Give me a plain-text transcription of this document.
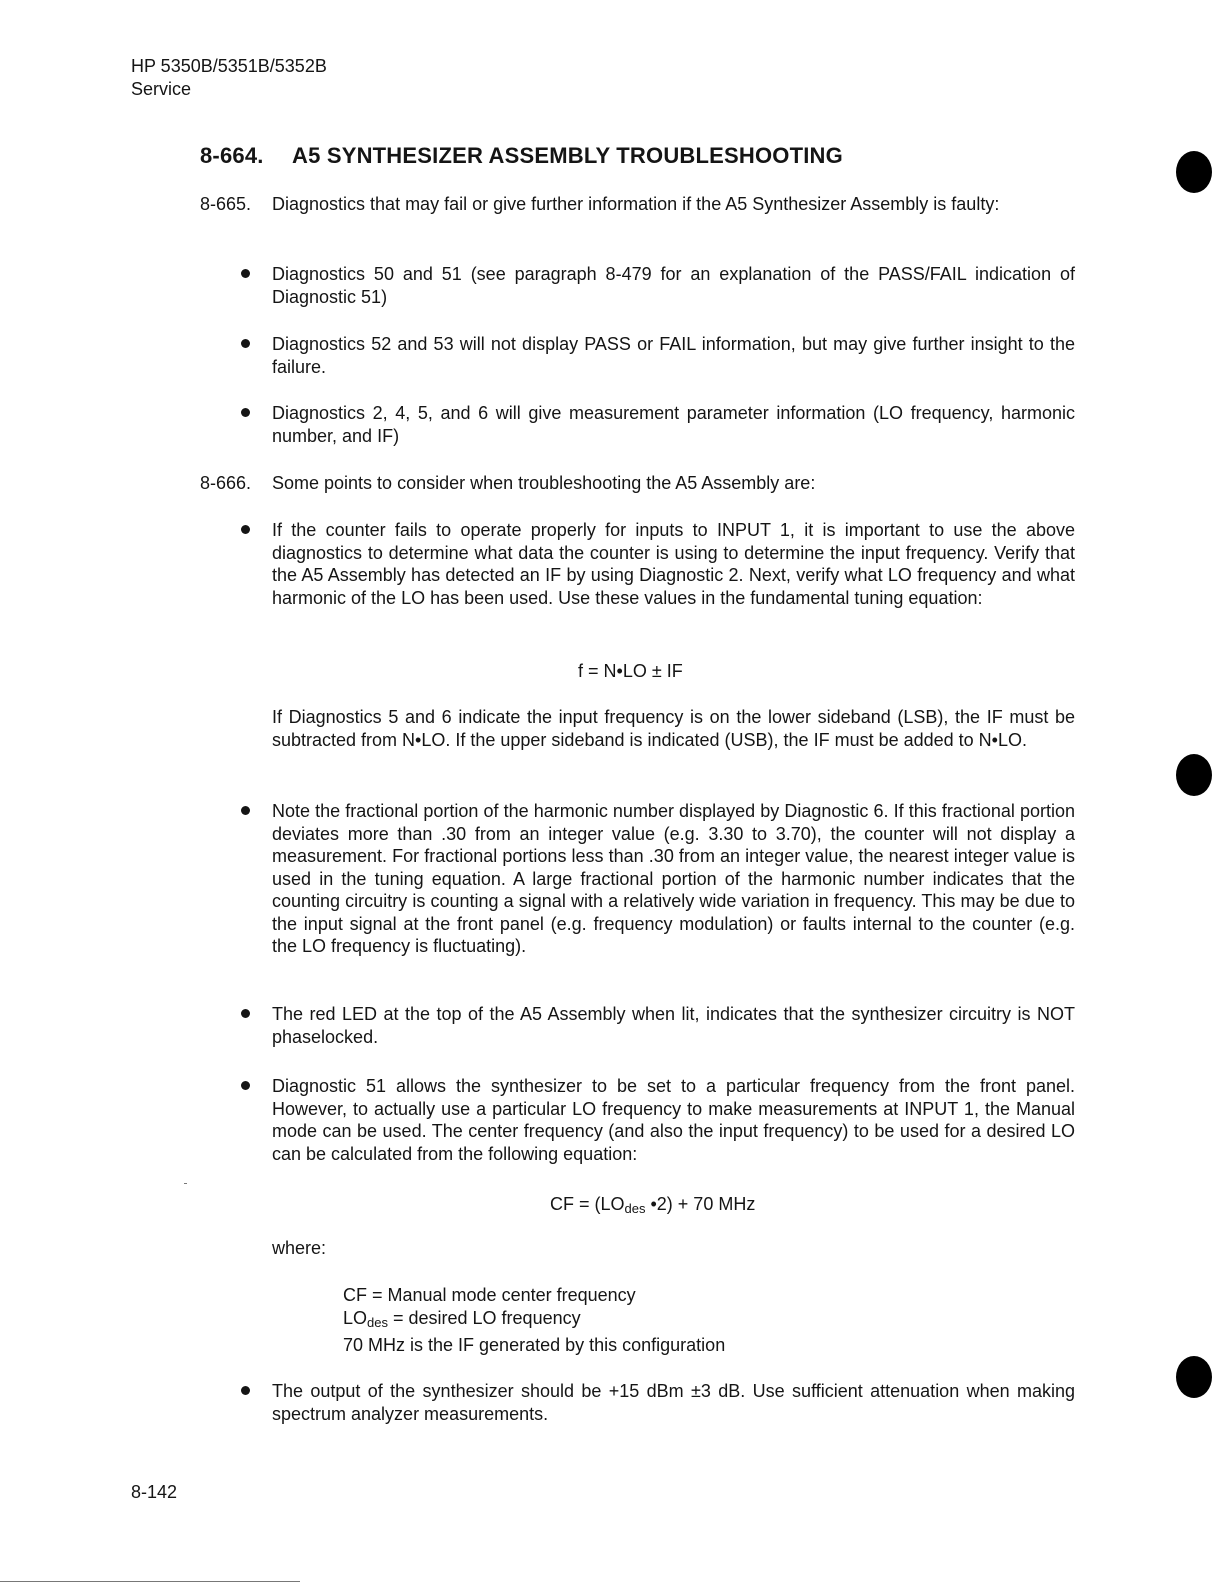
HP 5350B/5351B/5352B
Service
8-664. A5 SYNTHESIZER ASSEMBLY TROUBLESHOOTING

8-665. Diagnostics that may fail or give further information if the A5 Synthesizer Assembly is faulty:

Diagnostics 50 and 51 (see paragraph 8-479 for an explanation of the PASS/FAIL indication of Diagnostic 51)

Diagnostics 52 and 53 will not display PASS or FAIL information, but may give further insight to the failure.

Diagnostics 2, 4, 5, and 6 will give measurement parameter information (LO frequency, harmonic number, and IF)

8-666. Some points to consider when troubleshooting the A5 Assembly are:

If the counter fails to operate properly for inputs to INPUT 1, it is important to use the above diagnostics to determine what data the counter is using to determine the input frequency. Verify that the A5 Assembly has detected an IF by using Diagnostic 2. Next, verify what LO frequency and what harmonic of the LO has been used. Use these values in the fundamental tuning equation:

f = N•LO ± IF

If Diagnostics 5 and 6 indicate the input frequency is on the lower sideband (LSB), the IF must be subtracted from N•LO. If the upper sideband is indicated (USB), the IF must be added to N•LO.

Note the fractional portion of the harmonic number displayed by Diagnostic 6. If this fractional portion deviates more than .30 from an integer value (e.g. 3.30 to 3.70), the counter will not display a measurement. For fractional portions less than .30 from an integer value, the nearest integer value is used in the tuning equation. A large fractional portion of the harmonic number indicates that the counting circuitry is counting a signal with a relatively wide variation in frequency. This may be due to the input signal at the front panel (e.g. frequency modulation) or faults internal to the counter (e.g. the LO frequency is fluctuating).

The red LED at the top of the A5 Assembly when lit, indicates that the synthesizer circuitry is NOT phaselocked.

Diagnostic 51 allows the synthesizer to be set to a particular frequency from the front panel. However, to actually use a particular LO frequency to make measurements at INPUT 1, the Manual mode can be used. The center frequency (and also the input frequency) to be used for a desired LO can be calculated from the following equation:

CF = ($LO_{des}$ •2) + 70 MHz
where:
CF = Manual mode center frequency
$LO_{des}$ = desired LO frequency
70 MHz is the IF generated by this configuration

The output of the synthesizer should be +15 dBm ±3 dB. Use sufficient attenuation when making spectrum analyzer measurements.

8-142
